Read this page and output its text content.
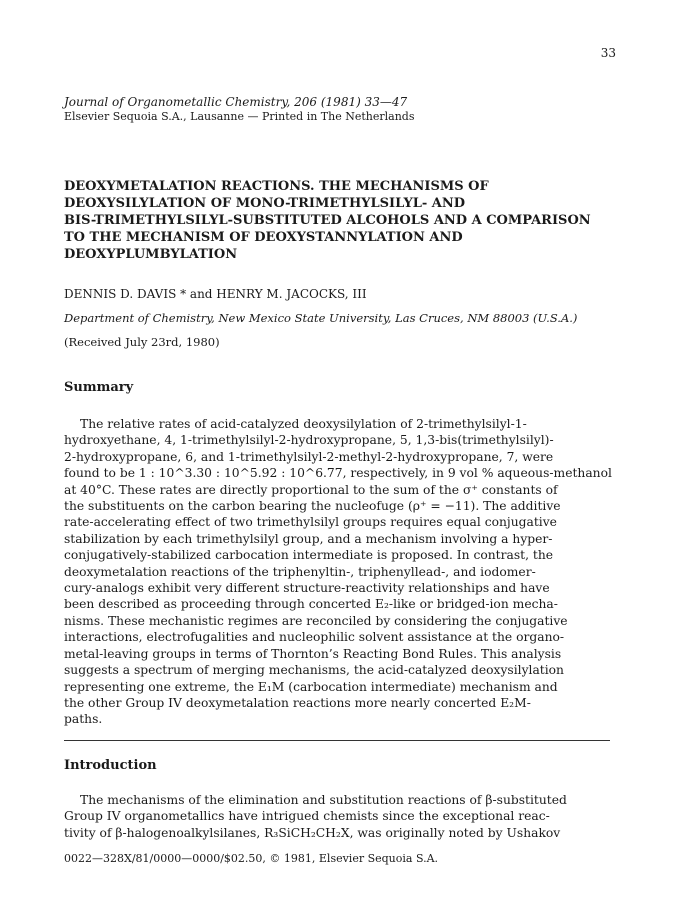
33
Journal of Organometallic Chemistry, 206 (1981) 33—47
Elsevier Sequoia S.A., Lausanne — Printed in The Netherlands
DEOXYMETALATION REACTIONS. THE MECHANISMS OF
DEOXYSILYLATION OF MONO-TRIMETHYLSILYL- AND
BIS-TRIMETHYLSILYL-SUBSTITUTED ALCOHOLS AND A COMPARISON
TO THE MECHANISM OF DEOXYSTANNYLATION AND
DEOXYPLUMBYLATION
DENNIS D. DAVIS * and HENRY M. JACOCKS, III
Department of Chemistry, New Mexico State University, Las Cruces, NM 88003 (U.S.A.)
(Received July 23rd, 1980)
Summary
The relative rates of acid-catalyzed deoxysilylation of 2-trimethylsilyl-1-
hydroxyethane, 4, 1-trimethylsilyl-2-hydroxypropane, 5, 1,3-bis(trimethylsilyl)-
2-hydroxypropane, 6, and 1-trimethylsilyl-2-methyl-2-hydroxypropane, 7, were
found to be 1 : 10^3.30 : 10^5.92 : 10^6.77, respectively, in 9 vol % aqueous-methanol
at 40°C. These rates are directly proportional to the sum of the σ⁺ constants of
the substituents on the carbon bearing the nucleofuge (ρ⁺ = −11). The additive
rate-accelerating effect of two trimethylsilyl groups requires equal conjugative
stabilization by each trimethylsilyl group, and a mechanism involving a hyper-
conjugatively-stabilized carbocation intermediate is proposed. In contrast, the
deoxymetalation reactions of the triphenyltin-, triphenyllead-, and iodomer-
cury-analogs exhibit very different structure-reactivity relationships and have
been described as proceeding through concerted E₂-like or bridged-ion mecha-
nisms. These mechanistic regimes are reconciled by considering the conjugative
interactions, electrofugalities and nucleophilic solvent assistance at the organo-
metal-leaving groups in terms of Thornton’s Reacting Bond Rules. This analysis
suggests a spectrum of merging mechanisms, the acid-catalyzed deoxysilylation
representing one extreme, the E₁M (carbocation intermediate) mechanism and
the other Group IV deoxymetalation reactions more nearly concerted E₂M-
paths.
Introduction
The mechanisms of the elimination and substitution reactions of β-substituted
Group IV organometallics have intrigued chemists since the exceptional reac-
tivity of β-halogenoalkylsilanes, R₃SiCH₂CH₂X, was originally noted by Ushakov
0022—328X/81/0000—0000/$02.50, © 1981, Elsevier Sequoia S.A.
